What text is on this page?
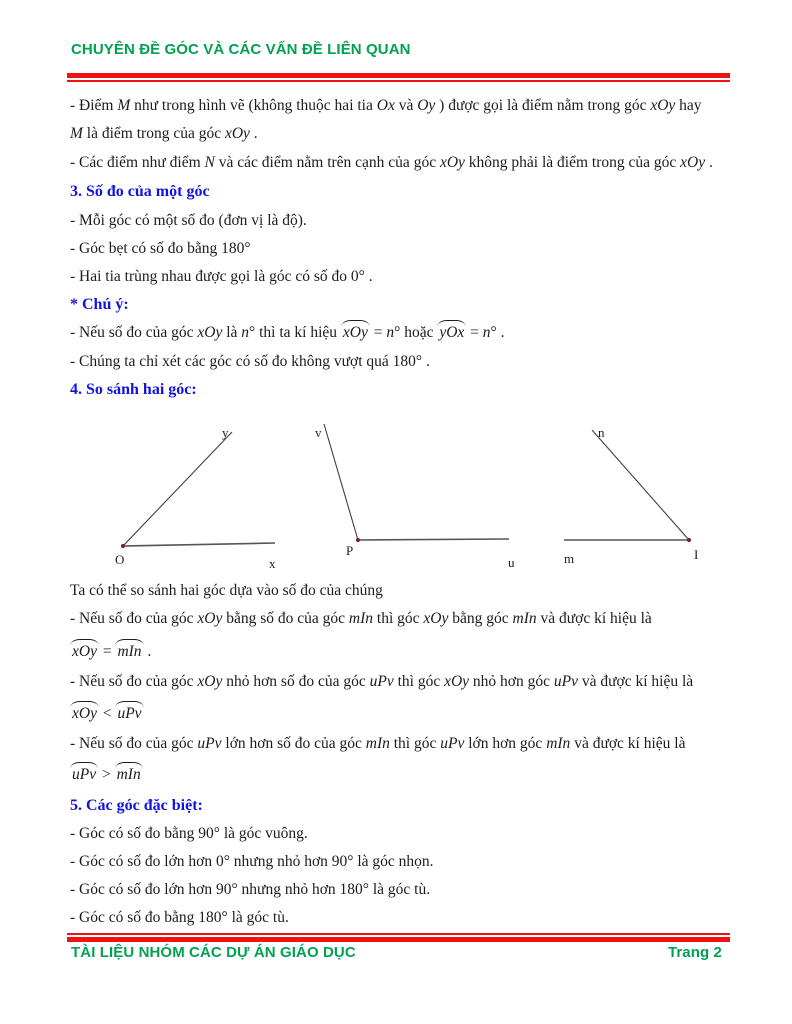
CHUYÊN ĐỀ GÓC VÀ CÁC VẤN ĐỀ LIÊN QUAN
- Điểm M như trong hình vẽ (không thuộc hai tia Ox và Oy ) được gọi là điểm nằm trong góc xOy hay
M là điểm trong của góc xOy .
- Các điểm như điểm N và các điểm nằm trên cạnh của góc xOy không phải là điểm trong của góc xOy .
3. Số đo của một góc
- Mỗi góc có một số đo (đơn vị là độ).
- Góc bẹt có số đo bằng 180°
- Hai tia trùng nhau được gọi là góc có số đo 0° .
* Chú ý:
- Nếu số đo của góc xOy là n° thì ta kí hiệu xOy = n° hoặc yOx = n° .
- Chúng ta chỉ xét các góc có số đo không vượt quá 180° .
4. So sánh hai góc:
y
O	x
v
P
u
n
I
m
Ta có thể so sánh hai góc dựa vào số đo của chúng
- Nếu số đo của góc xOy bằng số đo của góc mIn thì góc xOy bằng góc mIn và được kí hiệu là
xOy = mIn .
- Nếu số đo của góc xOy nhỏ hơn số đo của góc uPv thì góc xOy nhỏ hơn góc uPv và được kí hiệu là
xOy < uPv
- Nếu số đo của góc uPv lớn hơn số đo của góc mIn thì góc uPv lớn hơn góc mIn và được kí hiệu là
uPv > mIn
5. Các góc đặc biệt:
- Góc có số đo bằng 90° là góc vuông.
- Góc có số đo lớn hơn 0° nhưng nhỏ hơn 90° là góc nhọn.
- Góc có số đo lớn hơn 90° nhưng nhỏ hơn 180° là góc tù.
- Góc có số đo bằng 180° là góc tù.
TÀI LIỆU NHÓM CÁC DỰ ÁN GIÁO DỤC	Trang 2
